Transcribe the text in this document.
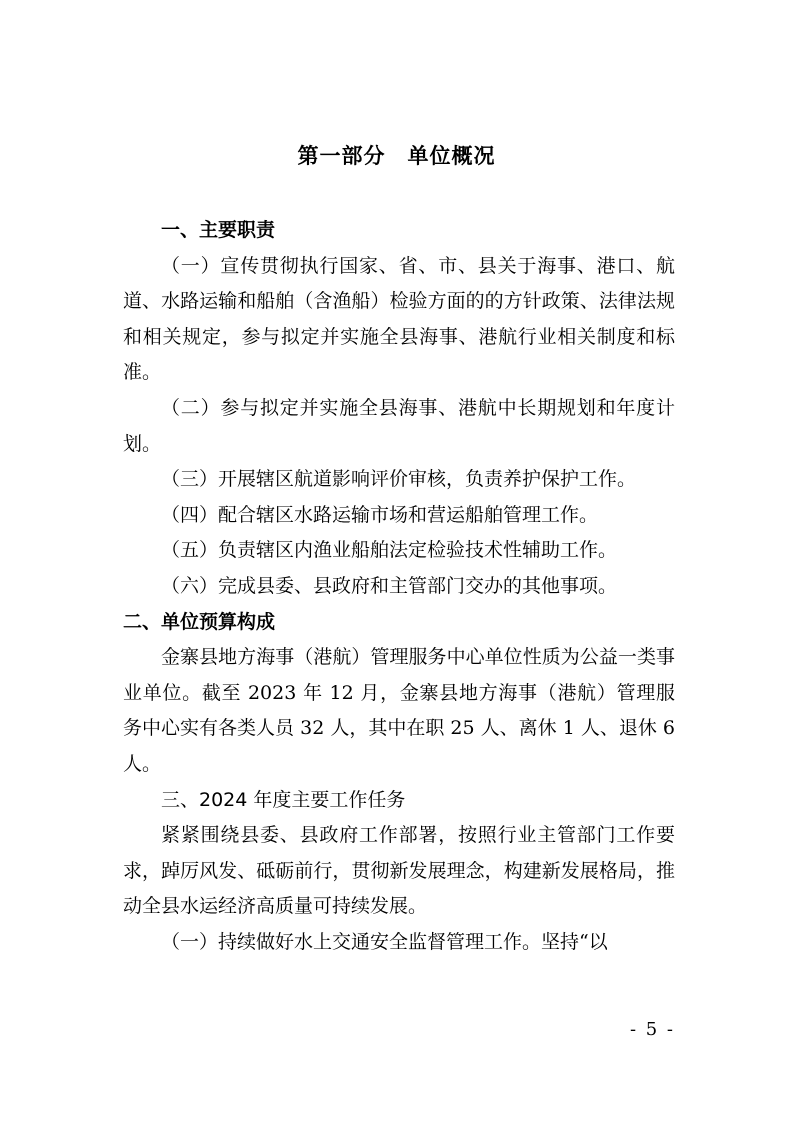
第一部分　单位概况

一、主要职责

（一）宣传贯彻执行国家、省、市、县关于海事、港口、航道、水路运输和船舶（含渔船）检验方面的的方针政策、法律法规和相关规定，参与拟定并实施全县海事、港航行业相关制度和标准。

（二）参与拟定并实施全县海事、港航中长期规划和年度计划。

（三）开展辖区航道影响评价审核，负责养护保护工作。

（四）配合辖区水路运输市场和营运船舶管理工作。

（五）负责辖区内渔业船舶法定检验技术性辅助工作。

（六）完成县委、县政府和主管部门交办的其他事项。

二、单位预算构成

金寨县地方海事（港航）管理服务中心单位性质为公益一类事业单位。截至 2023 年 12 月，金寨县地方海事（港航）管理服务中心实有各类人员 32 人，其中在职 25 人、离休 1 人、退休 6 人。

三、2024 年度主要工作任务

紧紧围绕县委、县政府工作部署，按照行业主管部门工作要求，踔厉风发、砥砺前行，贯彻新发展理念，构建新发展格局，推动全县水运经济高质量可持续发展。

（一）持续做好水上交通安全监督管理工作。坚持“以

- 5 -
